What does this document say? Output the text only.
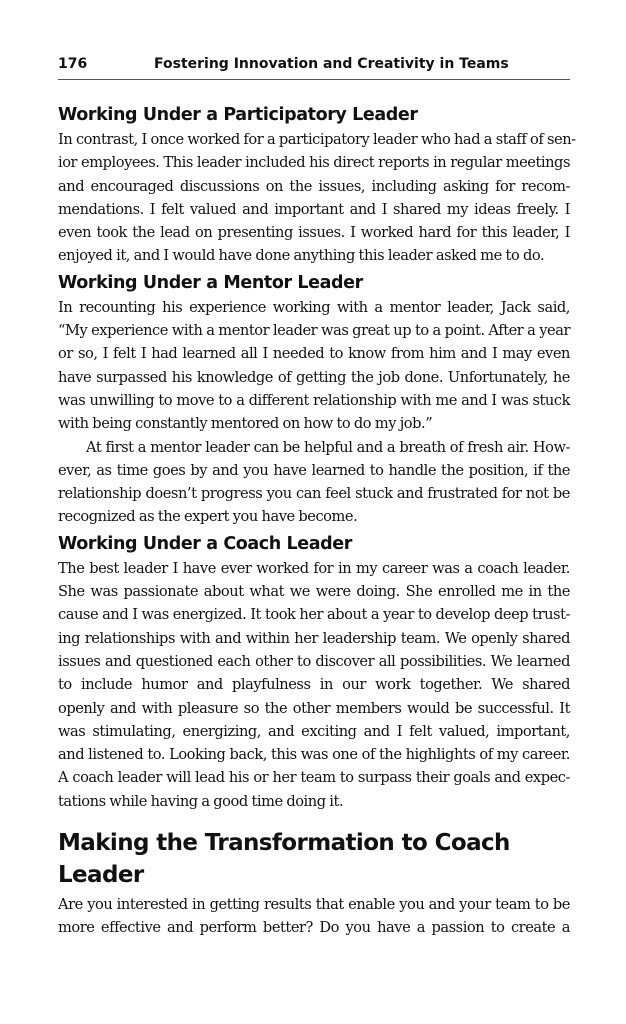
176	Fostering Innovation and Creativity in Teams
Working Under a Participatory Leader
In contrast, I once worked for a participatory leader who had a staff of sen-
ior employees. This leader included his direct reports in regular meetings
and encouraged discussions on the issues, including asking for recom-
mendations. I felt valued and important and I shared my ideas freely. I
even took the lead on presenting issues. I worked hard for this leader, I
enjoyed it, and I would have done anything this leader asked me to do.
Working Under a Mentor Leader
In recounting his experience working with a mentor leader, Jack said,
“My experience with a mentor leader was great up to a point. After a year
or so, I felt I had learned all I needed to know from him and I may even
have surpassed his knowledge of getting the job done. Unfortunately, he
was unwilling to move to a different relationship with me and I was stuck
with being constantly mentored on how to do my job.”
At first a mentor leader can be helpful and a breath of fresh air. How-
ever, as time goes by and you have learned to handle the position, if the
relationship doesn’t progress you can feel stuck and frustrated for not be
recognized as the expert you have become.
Working Under a Coach Leader
The best leader I have ever worked for in my career was a coach leader.
She was passionate about what we were doing. She enrolled me in the
cause and I was energized. It took her about a year to develop deep trust-
ing relationships with and within her leadership team. We openly shared
issues and questioned each other to discover all possibilities. We learned
to include humor and playfulness in our work together. We shared
openly and with pleasure so the other members would be successful. It
was stimulating, energizing, and exciting and I felt valued, important,
and listened to. Looking back, this was one of the highlights of my career.
A coach leader will lead his or her team to surpass their goals and expec-
tations while having a good time doing it.
Making the Transformation to Coach Leader
Are you interested in getting results that enable you and your team to be
more effective and perform better? Do you have a passion to create a
